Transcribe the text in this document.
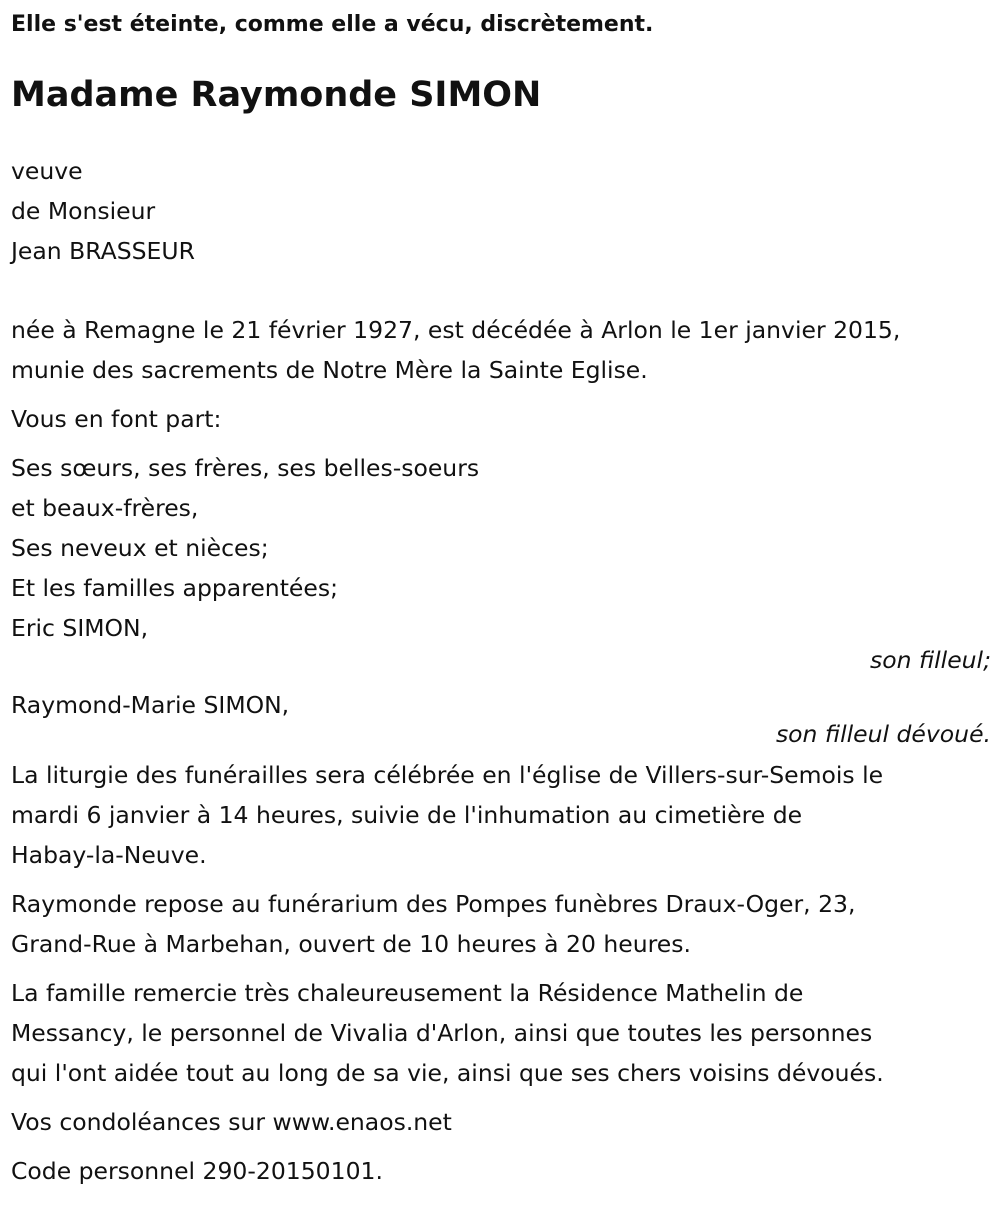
Elle s'est éteinte, comme elle a vécu, discrètement.

Madame Raymonde SIMON
veuve
de Monsieur
Jean BRASSEUR
née à Remagne le 21 février 1927, est décédée à Arlon le 1er janvier 2015,
munie des sacrements de Notre Mère la Sainte Eglise.
Vous en font part:
Ses sœurs, ses frères, ses belles-soeurs
et beaux-frères,
Ses neveux et nièces;
Et les familles apparentées;
Eric SIMON,
son filleul;
Raymond-Marie SIMON,
son filleul dévoué.
La liturgie des funérailles sera célébrée en l'église de Villers-sur-Semois le
mardi 6 janvier à 14 heures, suivie de l'inhumation au cimetière de
Habay-la-Neuve.
Raymonde repose au funérarium des Pompes funèbres Draux-Oger, 23,
Grand-Rue à Marbehan, ouvert de 10 heures à 20 heures.
La famille remercie très chaleureusement la Résidence Mathelin de
Messancy, le personnel de Vivalia d'Arlon, ainsi que toutes les personnes
qui l'ont aidée tout au long de sa vie, ainsi que ses chers voisins dévoués.
Vos condoléances sur www.enaos.net
Code personnel 290-20150101.
